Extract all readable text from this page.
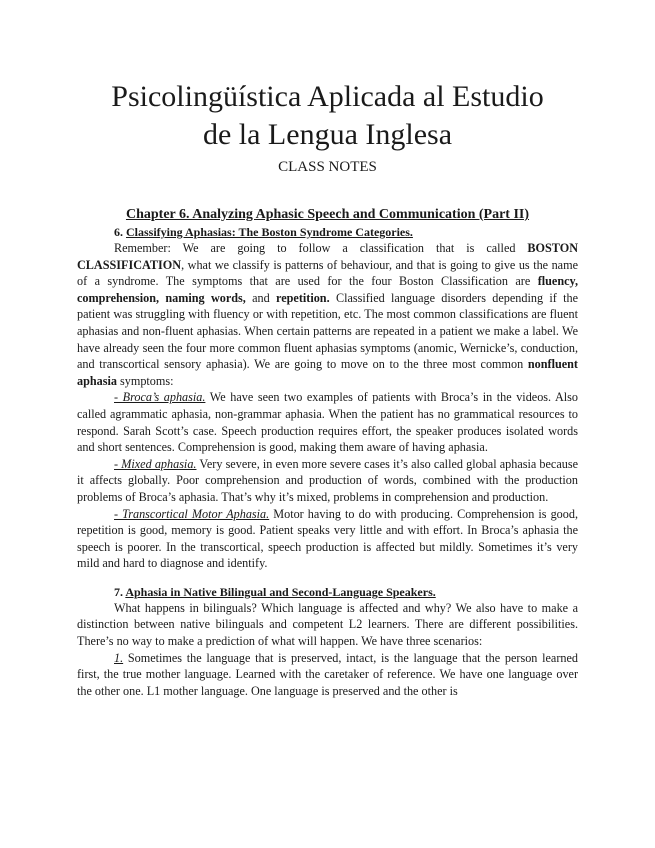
Psicolingüística Aplicada al Estudio
de la Lengua Inglesa
CLASS NOTES
Chapter 6. Analyzing Aphasic Speech and Communication (Part II)
6. Classifying Aphasias: The Boston Syndrome Categories.

Remember: We are going to follow a classification that is called BOSTON CLASSIFICATION, what we classify is patterns of behaviour, and that is going to give us the name of a syndrome. The symptoms that are used for the four Boston Classification are fluency, comprehension, naming words, and repetition. Classified language disorders depending if the patient was struggling with fluency or with repetition, etc. The most common classifications are fluent aphasias and non-fluent aphasias. When certain patterns are repeated in a patient we make a label. We have already seen the four more common fluent aphasias symptoms (anomic, Wernicke’s, conduction, and transcortical sensory aphasia). We are going to move on to the three most common nonfluent aphasia symptoms:

- Broca’s aphasia. We have seen two examples of patients with Broca’s in the videos. Also called agrammatic aphasia, non-grammar aphasia. When the patient has no grammatical resources to respond. Sarah Scott’s case. Speech production requires effort, the speaker produces isolated words and short sentences. Comprehension is good, making them aware of having aphasia.

- Mixed aphasia. Very severe, in even more severe cases it’s also called global aphasia because it affects globally. Poor comprehension and production of words, combined with the production problems of Broca’s aphasia. That’s why it’s mixed, problems in comprehension and production.

- Transcortical Motor Aphasia. Motor having to do with producing. Comprehension is good, repetition is good, memory is good. Patient speaks very little and with effort. In Broca’s aphasia the speech is poorer. In the transcortical, speech production is affected but mildly. Sometimes it’s very mild and hard to diagnose and identify.

7. Aphasia in Native Bilingual and Second-Language Speakers.

What happens in bilinguals? Which language is affected and why? We also have to make a distinction between native bilinguals and competent L2 learners. There are different possibilities. There’s no way to make a prediction of what will happen. We have three scenarios:

1. Sometimes the language that is preserved, intact, is the language that the person learned first, the true mother language. Learned with the caretaker of reference. We have one language over the other one. L1 mother language. One language is preserved and the other is
